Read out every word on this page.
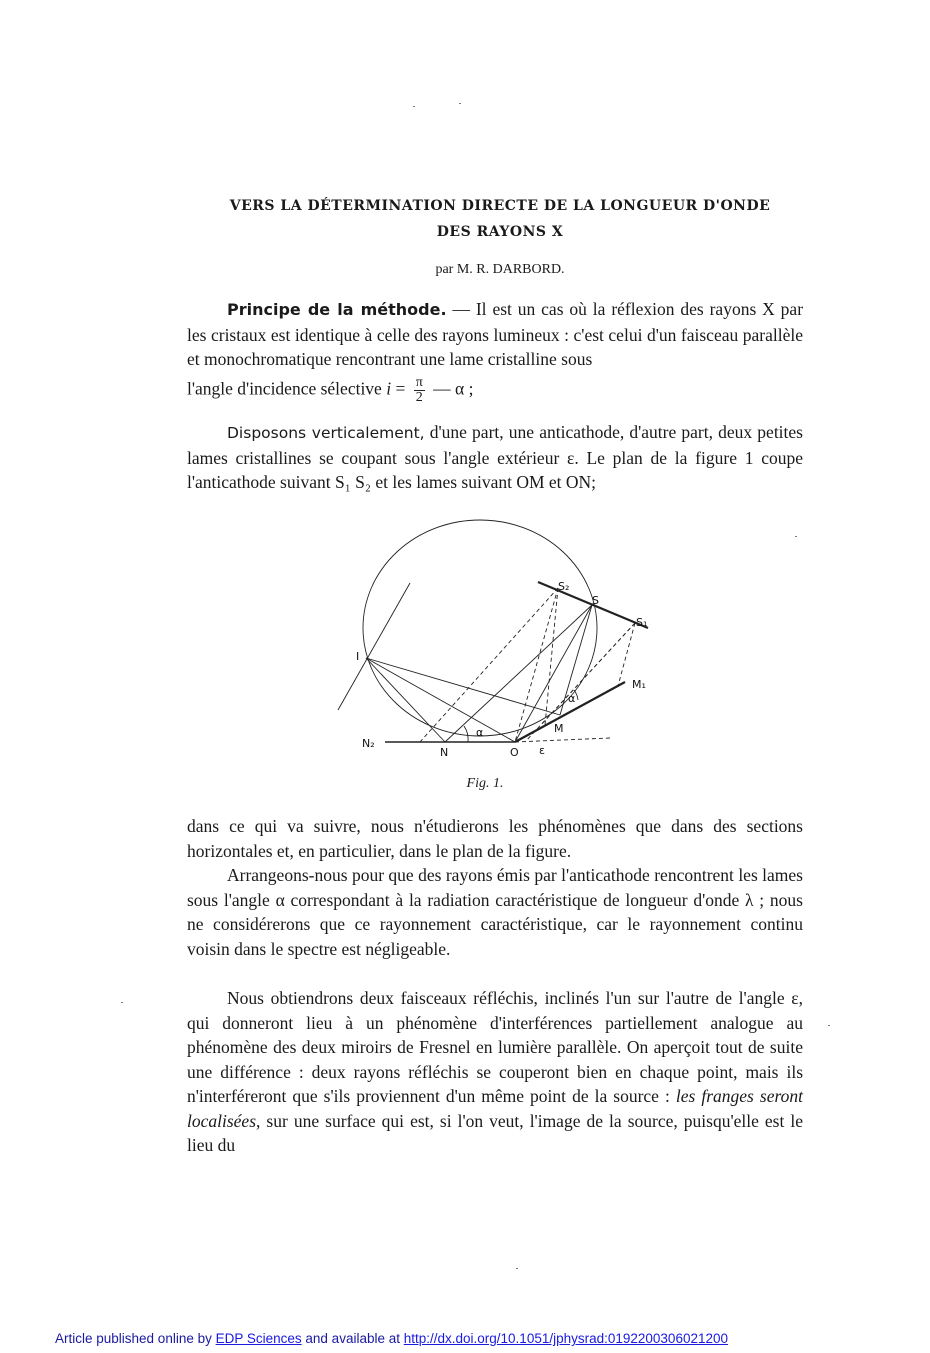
VERS LA DÉTERMINATION DIRECTE DE LA LONGUEUR D'ONDE
DES RAYONS X
par M. R. DARBORD.
Principe de la méthode. — Il est un cas où la réflexion des rayons X par les cristaux est identique à celle des rayons lumineux : c'est celui d'un faisceau parallèle et monochromatique rencontrant une lame cristalline sous
l'angle d'incidence sélective $i = \frac{\pi}{2}$ — α ;
Disposons verticalement, d'une part, une anticathode, d'autre part, deux petites lames cristallines se coupant sous l'angle extérieur ε. Le plan de la figure 1 coupe l'anticathode suivant S₁ S₂ et les lames suivant OM et ON;
S₂
S
S₁
I
M₁
M
N₂
N	O ε
α
α
Fig. 1.

dans ce qui va suivre, nous n'étudierons les phénomènes que dans des sections horizontales et, en particulier, dans le plan de la figure.

Arrangeons-nous pour que des rayons émis par l'anticathode rencontrent les lames sous l'angle α correspondant à la radiation caractéristique de longueur d'onde λ ; nous ne considérerons que ce rayonnement caractéristique, car le rayonnement continu voisin dans le spectre est négligeable.

Nous obtiendrons deux faisceaux réfléchis, inclinés l'un sur l'autre de l'angle ε, qui donneront lieu à un phénomène d'interférences partiellement analogue au phénomène des deux miroirs de Fresnel en lumière parallèle. On aperçoit tout de suite une différence : deux rayons réfléchis se couperont bien en chaque point, mais ils n'interféreront que s'ils proviennent d'un même point de la source : les franges seront localisées, sur une surface qui est, si l'on veut, l'image de la source, puisqu'elle est le lieu du

Article published online by EDP Sciences and available at http://dx.doi.org/10.1051/jphysrad:0192200306021200
